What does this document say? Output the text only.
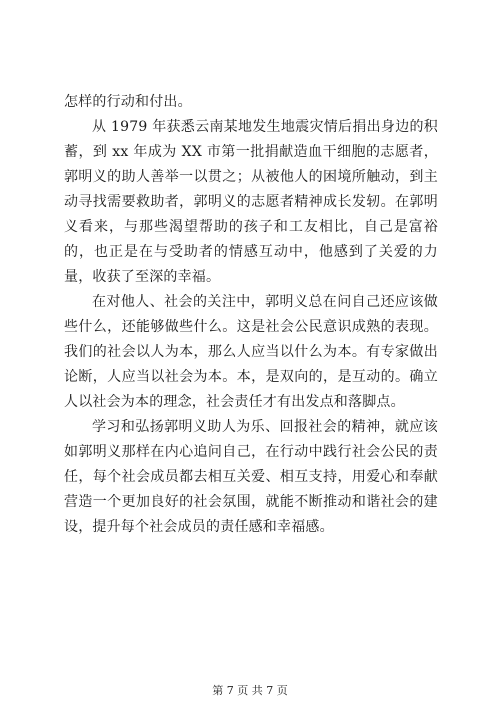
怎样的行动和付出。

从 1979 年获悉云南某地发生地震灾情后捐出身边的积蓄，到 xx 年成为 XX 市第一批捐献造血干细胞的志愿者，郭明义的助人善举一以贯之；从被他人的困境所触动，到主动寻找需要救助者，郭明义的志愿者精神成长发轫。在郭明义看来，与那些渴望帮助的孩子和工友相比，自己是富裕的，也正是在与受助者的情感互动中，他感到了关爱的力量，收获了至深的幸福。

在对他人、社会的关注中，郭明义总在问自己还应该做些什么，还能够做些什么。这是社会公民意识成熟的表现。我们的社会以人为本，那么人应当以什么为本。有专家做出论断，人应当以社会为本。本，是双向的，是互动的。确立人以社会为本的理念，社会责任才有出发点和落脚点。

学习和弘扬郭明义助人为乐、回报社会的精神，就应该如郭明义那样在内心追问自己，在行动中践行社会公民的责任，每个社会成员都去相互关爱、相互支持，用爱心和奉献营造一个更加良好的社会氛围，就能不断推动和谐社会的建设，提升每个社会成员的责任感和幸福感。

第 7 页 共 7 页
